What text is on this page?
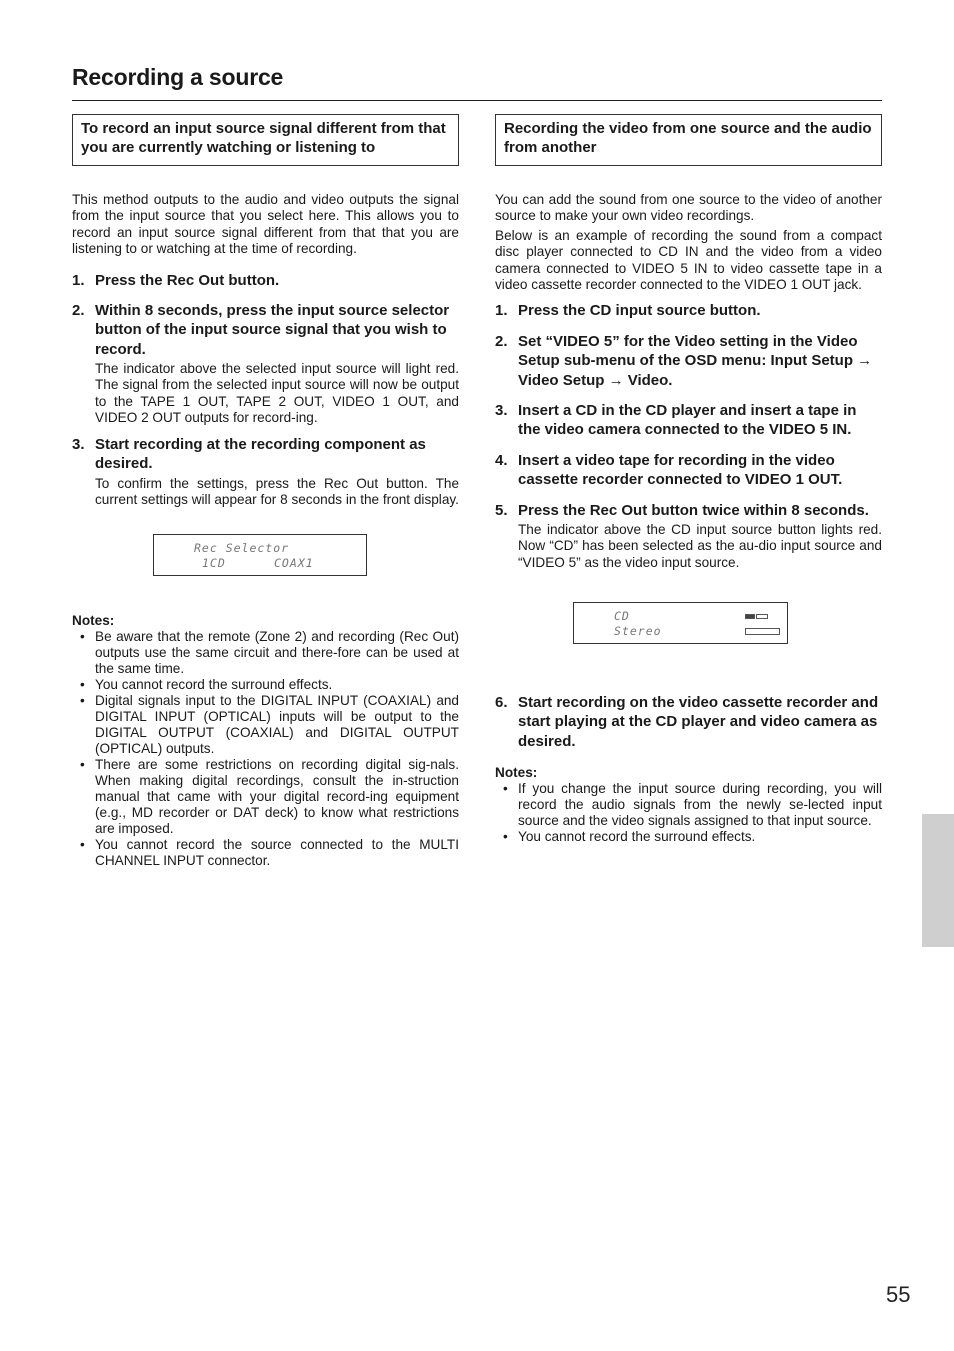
Recording a source
To record an input source signal different from that you are currently watching or listening to

This method outputs to the audio and video outputs the signal from the input source that you select here. This allows you to record an input source signal different from that that you are listening to or watching at the time of recording.

1. Press the Rec Out button.
2. Within 8 seconds, press the input source selector button of the input source signal that you wish to record.
The indicator above the selected input source will light red. The signal from the selected input source will now be output to the TAPE 1 OUT, TAPE 2 OUT, VIDEO 1 OUT, and VIDEO 2 OUT outputs for record-ing.
3. Start recording at the recording component as desired.
To confirm the settings, press the Rec Out button. The current settings will appear for 8 seconds in the front display.
Rec Selector
1CD	COAX1
Notes:
• Be aware that the remote (Zone 2) and recording (Rec Out) outputs use the same circuit and there-fore can be used at the same time.
• You cannot record the surround effects.
• Digital signals input to the DIGITAL INPUT (COAXIAL) and DIGITAL INPUT (OPTICAL) inputs will be output to the DIGITAL OUTPUT (COAXIAL) and DIGITAL OUTPUT (OPTICAL) outputs.
• There are some restrictions on recording digital sig-nals. When making digital recordings, consult the in-struction manual that came with your digital record-ing equipment (e.g., MD recorder or DAT deck) to know what restrictions are imposed.
• You cannot record the source connected to the MULTI CHANNEL INPUT connector.
Recording the video from one source and the audio from another

You can add the sound from one source to the video of another source to make your own video recordings.

Below is an example of recording the sound from a compact disc player connected to CD IN and the video from a video camera connected to VIDEO 5 IN to video cassette tape in a video cassette recorder connected to the VIDEO 1 OUT jack.

1. Press the CD input source button.
2. Set “VIDEO 5” for the Video setting in the Video Setup sub-menu of the OSD menu: Input Setup → Video Setup → Video.
3. Insert a CD in the CD player and insert a tape in the video camera connected to the VIDEO 5 IN.
4. Insert a video tape for recording in the video cassette recorder connected to VIDEO 1 OUT.
5. Press the Rec Out button twice within 8 seconds.
The indicator above the CD input source button lights red. Now “CD” has been selected as the au-dio input source and “VIDEO 5” as the video input source.
CD
Stereo
6. Start recording on the video cassette recorder and start playing at the CD player and video camera as desired.
Notes:
• If you change the input source during recording, you will record the audio signals from the newly se-lected input source and the video signals assigned to that input source.
• You cannot record the surround effects.
55
